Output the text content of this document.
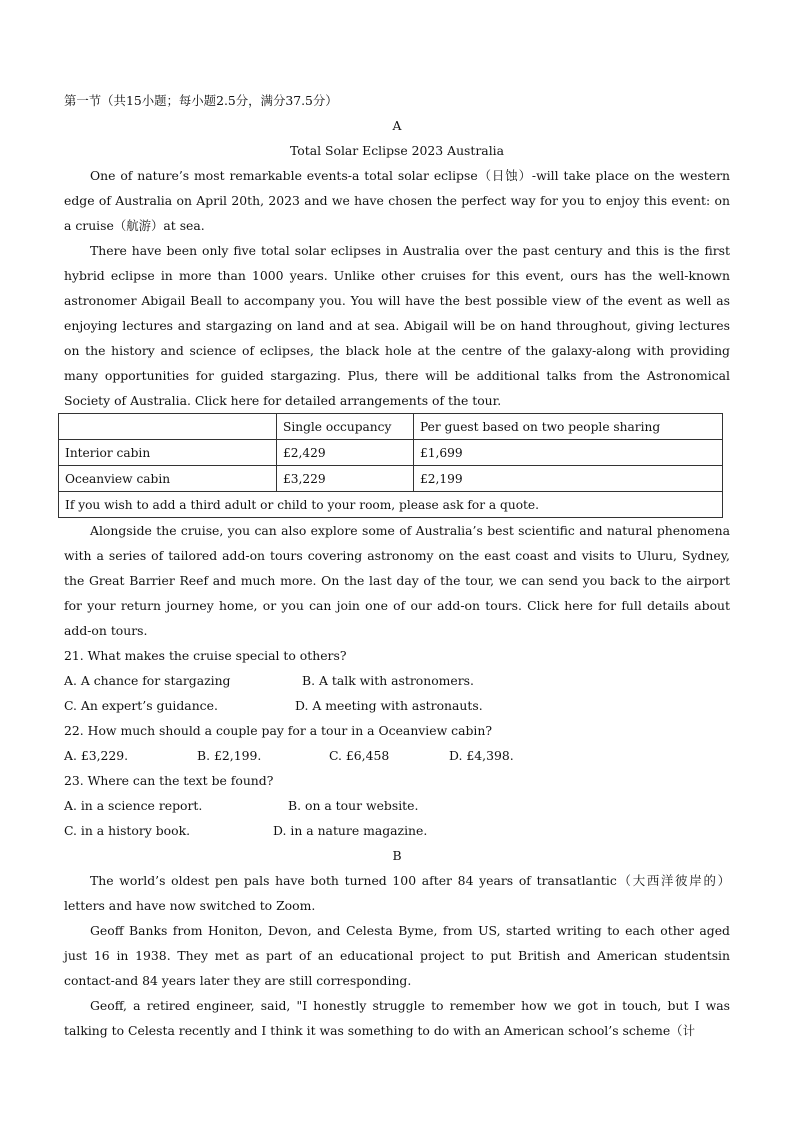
第一节（共15小题；每小题2.5分，满分37.5分）
A
Total Solar Eclipse 2023 Australia

One of nature’s most remarkable events-a total solar eclipse（日蚀）-will take place on the western edge of Australia on April 20th, 2023 and we have chosen the perfect way for you to enjoy this event: on a cruise（航游）at sea.

There have been only five total solar eclipses in Australia over the past century and this is the first hybrid eclipse in more than 1000 years. Unlike other cruises for this event, ours has the well-known astronomer Abigail Beall to accompany you. You will have the best possible view of the event as well as enjoying lectures and stargazing on land and at sea. Abigail will be on hand throughout, giving lectures on the history and science of eclipses, the black hole at the centre of the galaxy-along with providing many opportunities for guided stargazing. Plus, there will be additional talks from the Astronomical Society of Australia. Click here for detailed arrangements of the tour.

	Single occupancy	Per guest based on two people sharing
Interior cabin	£2,429	£1,699
Oceanview cabin	£3,229	£2,199
If you wish to add a third adult or child to your room, please ask for a quote.		

Alongside the cruise, you can also explore some of Australia’s best scientific and natural phenomena with a series of tailored add-on tours covering astronomy on the east coast and visits to Uluru, Sydney, the Great Barrier Reef and much more. On the last day of the tour, we can send you back to the airport for your return journey home, or you can join one of our add-on tours. Click here for full details about add-on tours.

21. What makes the cruise special to others?
A. A chance for stargazing	B. A talk with astronomers.
C. An expert’s guidance.	D. A meeting with astronauts.
22. How much should a couple pay for a tour in a Oceanview cabin?
A. £3,229.	B. £2,199.	C. £6,458	D. £4,398.
23. Where can the text be found?
A. in a science report.	B. on a tour website.
C. in a history book.	D. in a nature magazine.
B

The world’s oldest pen pals have both turned 100 after 84 years of transatlantic（大西洋彼岸的）letters and have now switched to Zoom.

Geoff Banks from Honiton, Devon, and Celesta Byme, from US, started writing to each other aged just 16 in 1938. They met as part of an educational project to put British and American studentsin contact-and 84 years later they are still corresponding.

Geoff, a retired engineer, said, "I honestly struggle to remember how we got in touch, but I was talking to Celesta recently and I think it was something to do with an American school’s scheme（计
